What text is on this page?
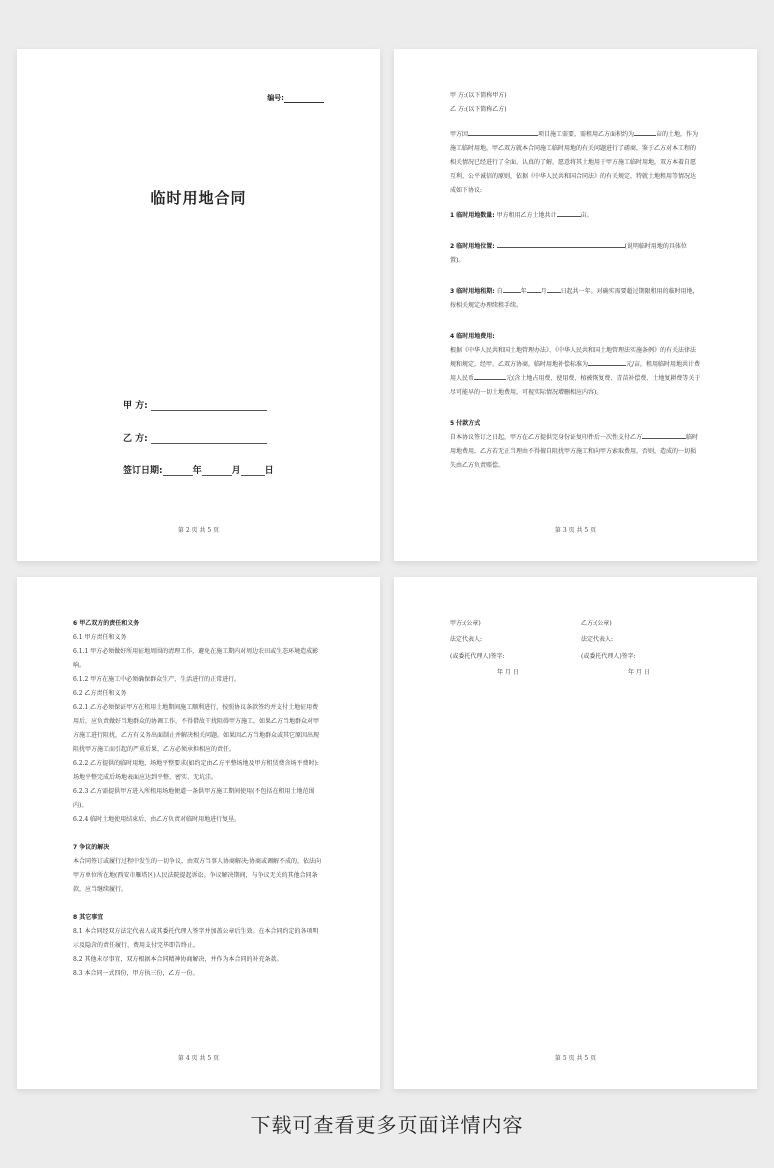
编号:
临时用地合同
甲 方:
乙 方:
签订日期:	年	月	日
第 2 页 共 5 页

甲 方:(以下简称甲方)

乙 方:(以下简称乙方)

甲方因	项目施工需要，需租用乙方面积约为	亩的土地，作为施工临时用地。甲乙双方就本合同施工临时用地的有关问题进行了磋商，鉴于乙方对本工程的相关情况已经进行了全面、认真的了解，愿意将其土地用于甲方施工临时用地。双方本着自愿互利、公平诚信的原则，依据《中华人民共和国合同法》的有关规定，特就土地租用等情况达成如下协议:

1 临时用地数量: 甲方租用乙方土地共计	亩。

2 临时用地位置:	(说明临时用地的具体位置)。

3 临时用地租期: 自	年 月 日起共一年。对确实需要超过期限租用的临时用地，按相关规定办理续租手续。

4 临时用地费用:

根据《中华人民共和国土地管理办法》、《中华人民共和国土地管理法实施条例》的有关法律法规和规定，经甲、乙双方协商，临时用地补偿标准为	元/亩，租用临时用地共计费用人民币	元(含土地占用费、使用费、植被恢复费、青苗补偿费、土地复耕费等关于尽可能早的一切土地费用，可视实际情况增删相应内容)。

5 付款方式

自本协议签订之日起，甲方在乙方提供完身份证复印件后一次性支付乙方	临时用地费用，乙方若无正当理由不得擅自阻扰甲方施工和向甲方索取费用，否则，造成的一切损失由乙方负责赔偿。

第 3 页 共 5 页

6 甲乙双方的责任和义务

6.1 甲方责任和义务

6.1.1 甲方必须做好所用征地周围的清理工作，避免在施工期内对周边农田或生态环境造成影响。

6.1.2 甲方在施工中必须确保群众生产、生活进行的正常进行。

6.2 乙方责任和义务

6.2.1 乙方必须保证甲方在租用土地期间施工顺利进行，按照协议条款签约并支付土地征用费用后，应负责做好当地群众的协调工作，不得借故干扰阻碍甲方施工。如果乙方当地群众对甲方施工进行阻扰，乙方有义务出面制止并解决相关问题。如果因乙方当地群众或其它原因出现阻扰甲方施工而引起的严重后果，乙方必须承担相应的责任。

6.2.2 乙方提供的临时用地，场地平整要求(如约定由乙方平整场地及甲方租赁费含场平费时):场地平整完成后场地表面应达到平整、密实、无坑洼。

6.2.3 乙方需提供甲方进入所租用场地便道一条供甲方施工期间使用(不包括在租用土地范围内)。

6.2.4 临时土地使用结束后，由乙方负责对临时用地进行复垦。

7 争议的解决

本合同签订或履行过程中发生的一切争议，由双方当事人协商解决;协商或调解不成的，依法向甲方单位所在地(西安市雁塔区)人民法院提起诉讼。争议解决期间，与争议无关的其他合同条款，应当继续履行。

8 其它事宜

8.1 本合同经双方法定代表人或其委托代理人签字并加盖公章后生效。在本合同约定的各项明示及隐含的责任履行、费用支付完毕即告终止。

8.2 其他未尽事宜，双方根据本合同精神协商解决，并作为本合同的补充条款。

8.3 本合同一式四份，甲方执三份，乙方一份。

第 4 页 共 5 页
甲方:(公章)	乙方:(公章)
法定代表人:	法定代表人:
(或委托代理人)签字:	(或委托代理人)签字:
年 月 日	年 月 日
第 5 页 共 5 页
下载可查看更多页面详情内容
